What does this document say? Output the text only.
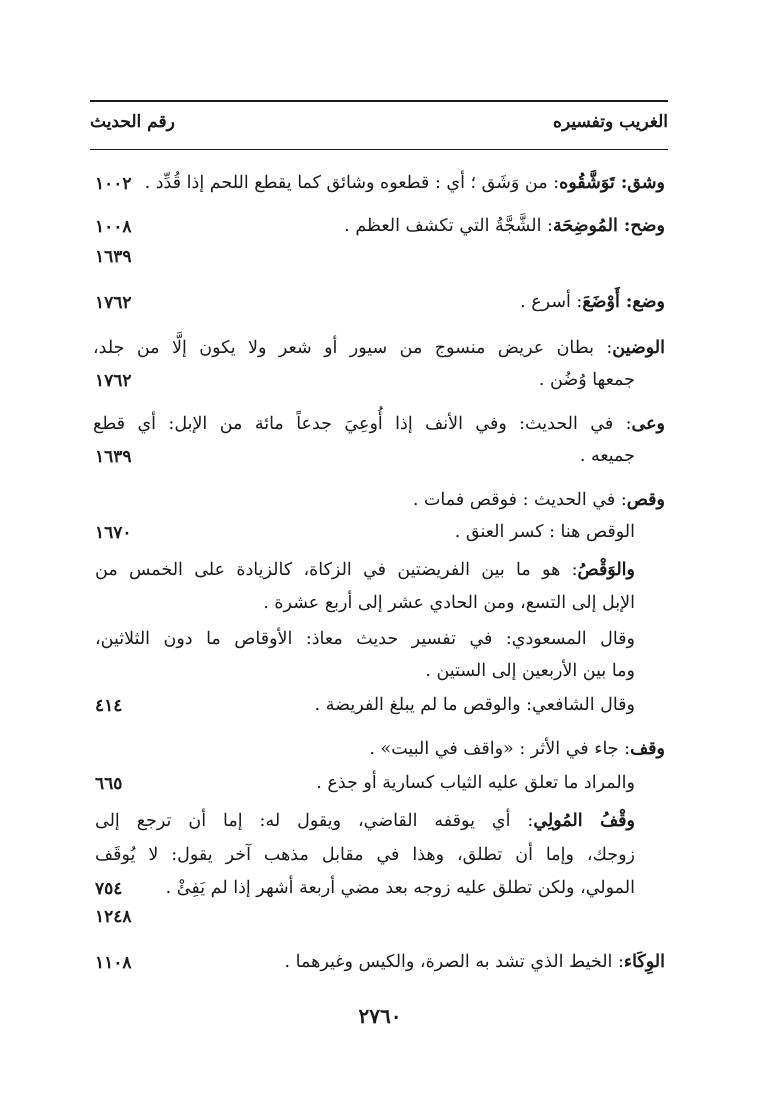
الغريب وتفسيره
رقم الحديث
وشق: تَوَشَّقُوه: من وَشَق ؛ أي : قطعوه وشائق كما يقطع اللحم إذا قُدِّد .
١٠٠٢
وضح: المُوضِحَة: الشَّجَّةُ التي تكشف العظم .
١٠٠٨
١٦٣٩
وضع: أَوْضَعَ: أسرع .
١٧٦٢
الوضين: بطان عريض منسوج من سيور أو شعر ولا يكون إلَّا من جلد،
جمعها وُضُن .
١٧٦٢
وعى: في الحديث: وفي الأنف إذا أُوعِيَ جدعاً مائة من الإبل: أي قطع
جميعه .
١٦٣٩
وقص: في الحديث : فوقص فمات .
الوقص هنا : كسر العنق .
١٦٧٠
والوَقْصُ: هو ما بين الفريضتين في الزكاة، كالزيادة على الخمس من
الإبل إلى التسع، ومن الحادي عشر إلى أربع عشرة .
وقال المسعودي: في تفسير حديث معاذ: الأوقاص ما دون الثلاثين،
وما بين الأربعين إلى الستين .
وقال الشافعي: والوقص ما لم يبلغ الفريضة .
٤١٤
وقف: جاء في الأثر : «واقف في البيت» .
والمراد ما تعلق عليه الثياب كسارية أو جذع .
٦٦٥
وقْفُ المُولِي: أي يوقفه القاضي، ويقول له: إما أن ترجع إلى
زوجك، وإما أن تطلق، وهذا في مقابل مذهب آخر يقول: لا يُوقَف
المولي، ولكن تطلق عليه زوجه بعد مضي أربعة أشهر إذا لم يَفِئْ .
٧٥٤
١٢٤٨
الوِكَاء: الخيط الذي تشد به الصرة، والكيس وغيرهما .
١١٠٨
٢٧٦٠
